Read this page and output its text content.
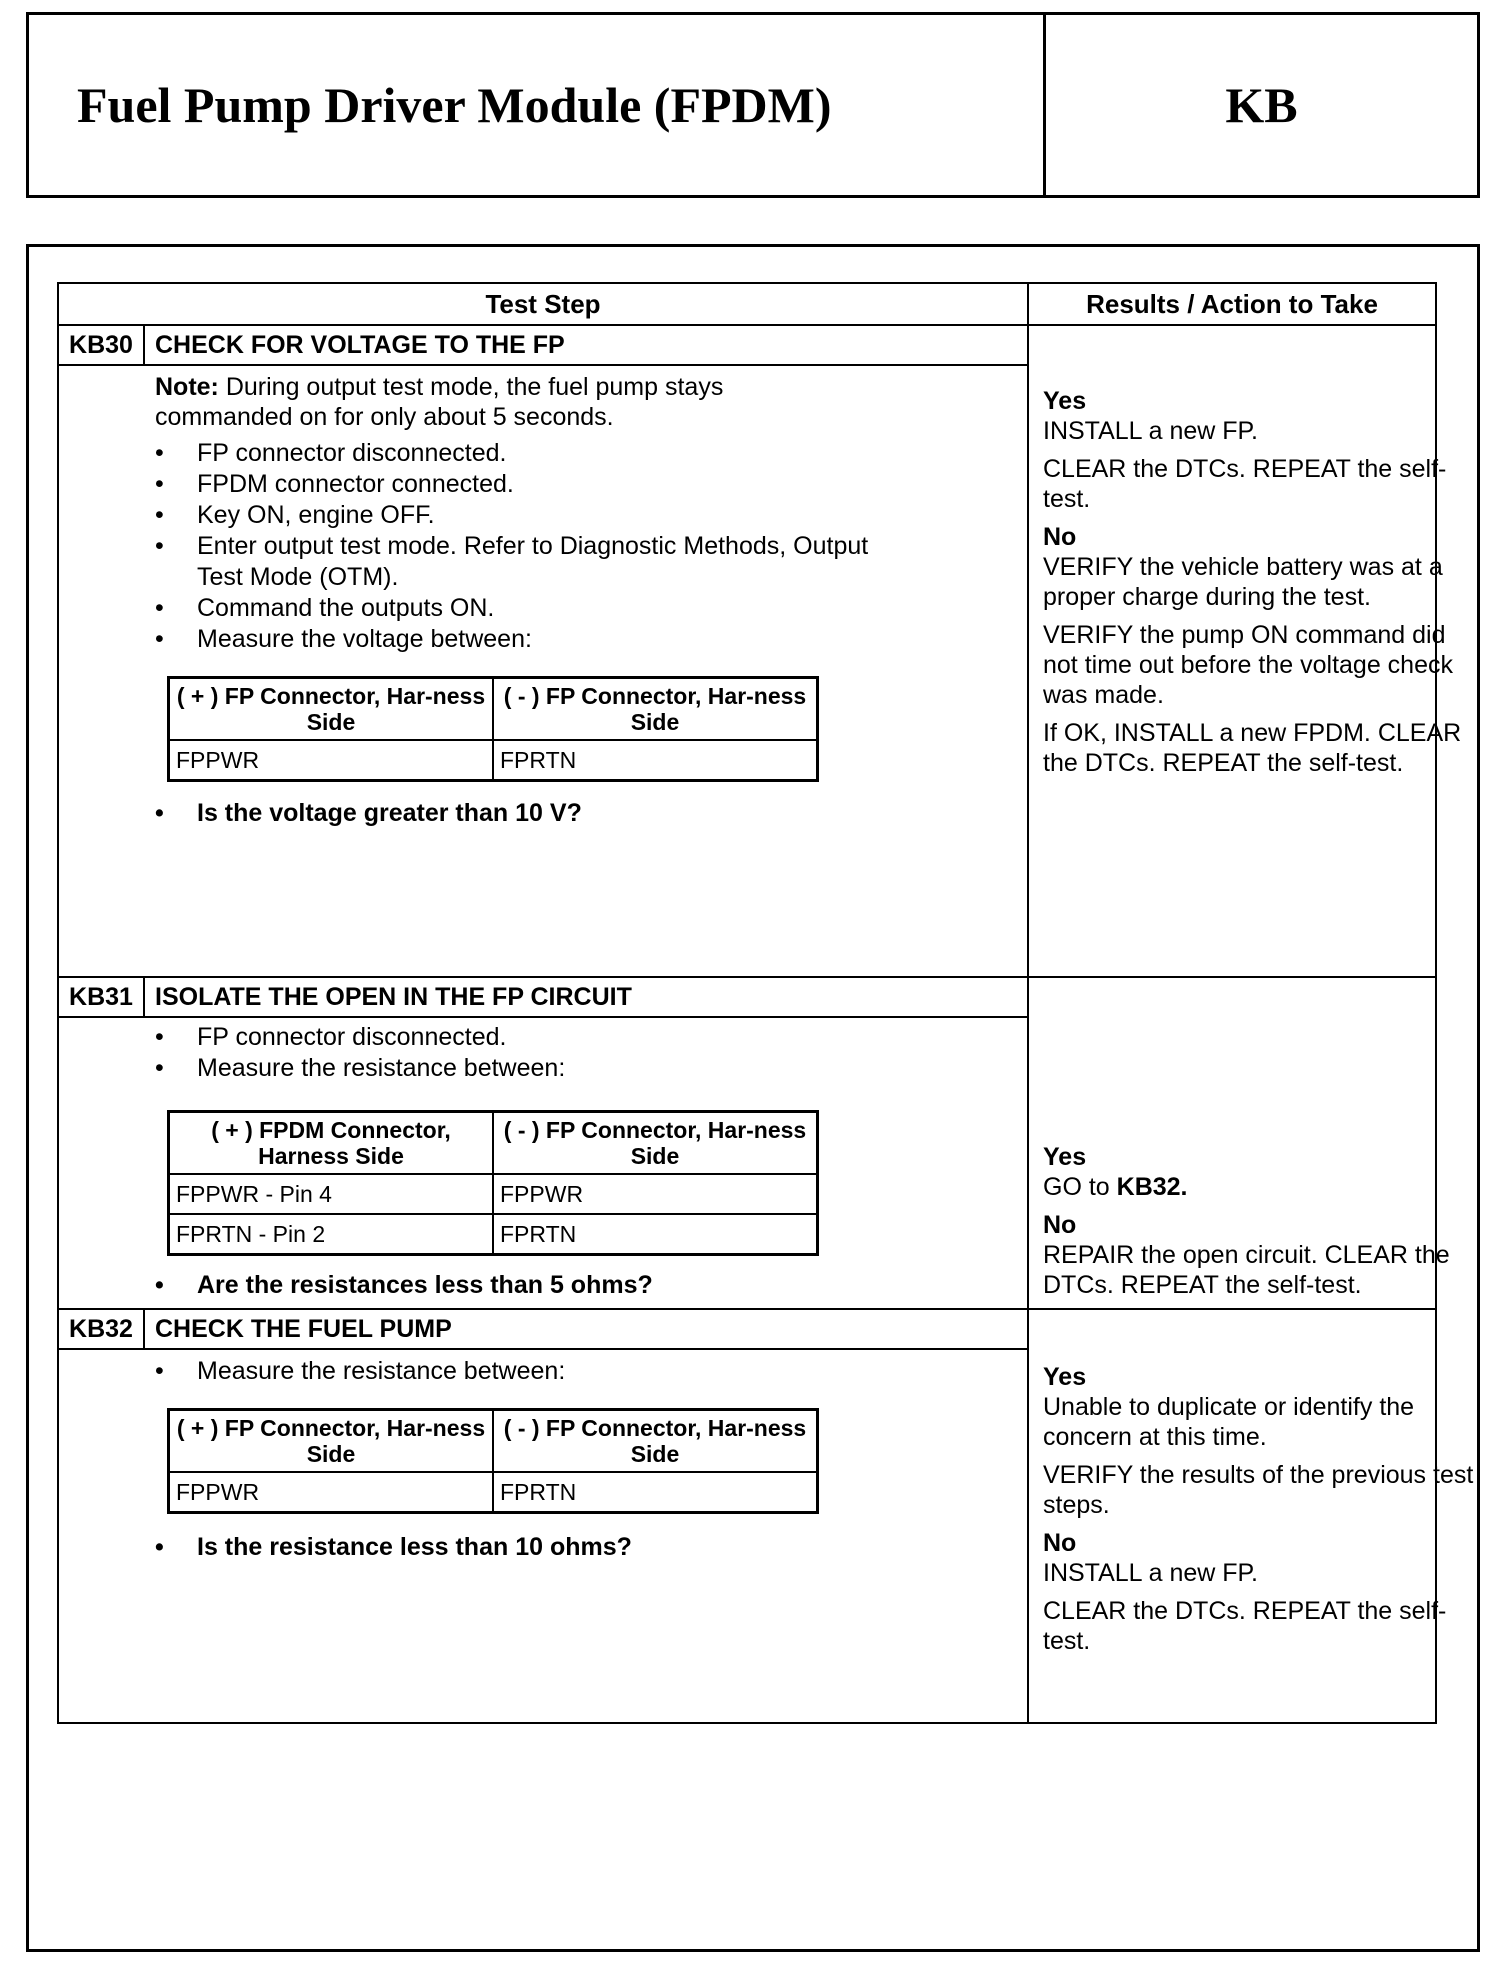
Fuel Pump Driver Module (FPDM)	KB
Test Step	Results / Action to Take
KB30 CHECK FOR VOLTAGE TO THE FP
Note: During output test mode, the fuel pump stays commanded on for only about 5 seconds.
• FP connector disconnected.
• FPDM connector connected.
• Key ON, engine OFF.
• Enter output test mode. Refer to Diagnostic Methods, Output Test Mode (OTM).
• Command the outputs ON.
• Measure the voltage between:
( + ) FP Connector, Har-ness Side	( - ) FP Connector, Har-ness Side
FPPWR	FPRTN
• Is the voltage greater than 10 V?
Yes

INSTALL a new FP.

CLEAR the DTCs. REPEAT the self-test.

No

VERIFY the vehicle battery was at a proper charge during the test.

VERIFY the pump ON command did not time out before the voltage check was made.

If OK, INSTALL a new FPDM. CLEAR the DTCs. REPEAT the self-test.

KB31 ISOLATE THE OPEN IN THE FP CIRCUIT
• FP connector disconnected.
• Measure the resistance between:
( + ) FPDM Connector, Harness Side	( - ) FP Connector, Har-ness Side
FPPWR - Pin 4	FPPWR
FPRTN - Pin 2	FPRTN
• Are the resistances less than 5 ohms?
Yes

GO to KB32.

No

REPAIR the open circuit. CLEAR the DTCs. REPEAT the self-test.

KB32 CHECK THE FUEL PUMP
• Measure the resistance between:
( + ) FP Connector, Har-ness Side	( - ) FP Connector, Har-ness Side
FPPWR	FPRTN
• Is the resistance less than 10 ohms?
Yes

Unable to duplicate or identify the concern at this time.

VERIFY the results of the previous test steps.

No

INSTALL a new FP.

CLEAR the DTCs. REPEAT the self-test.
